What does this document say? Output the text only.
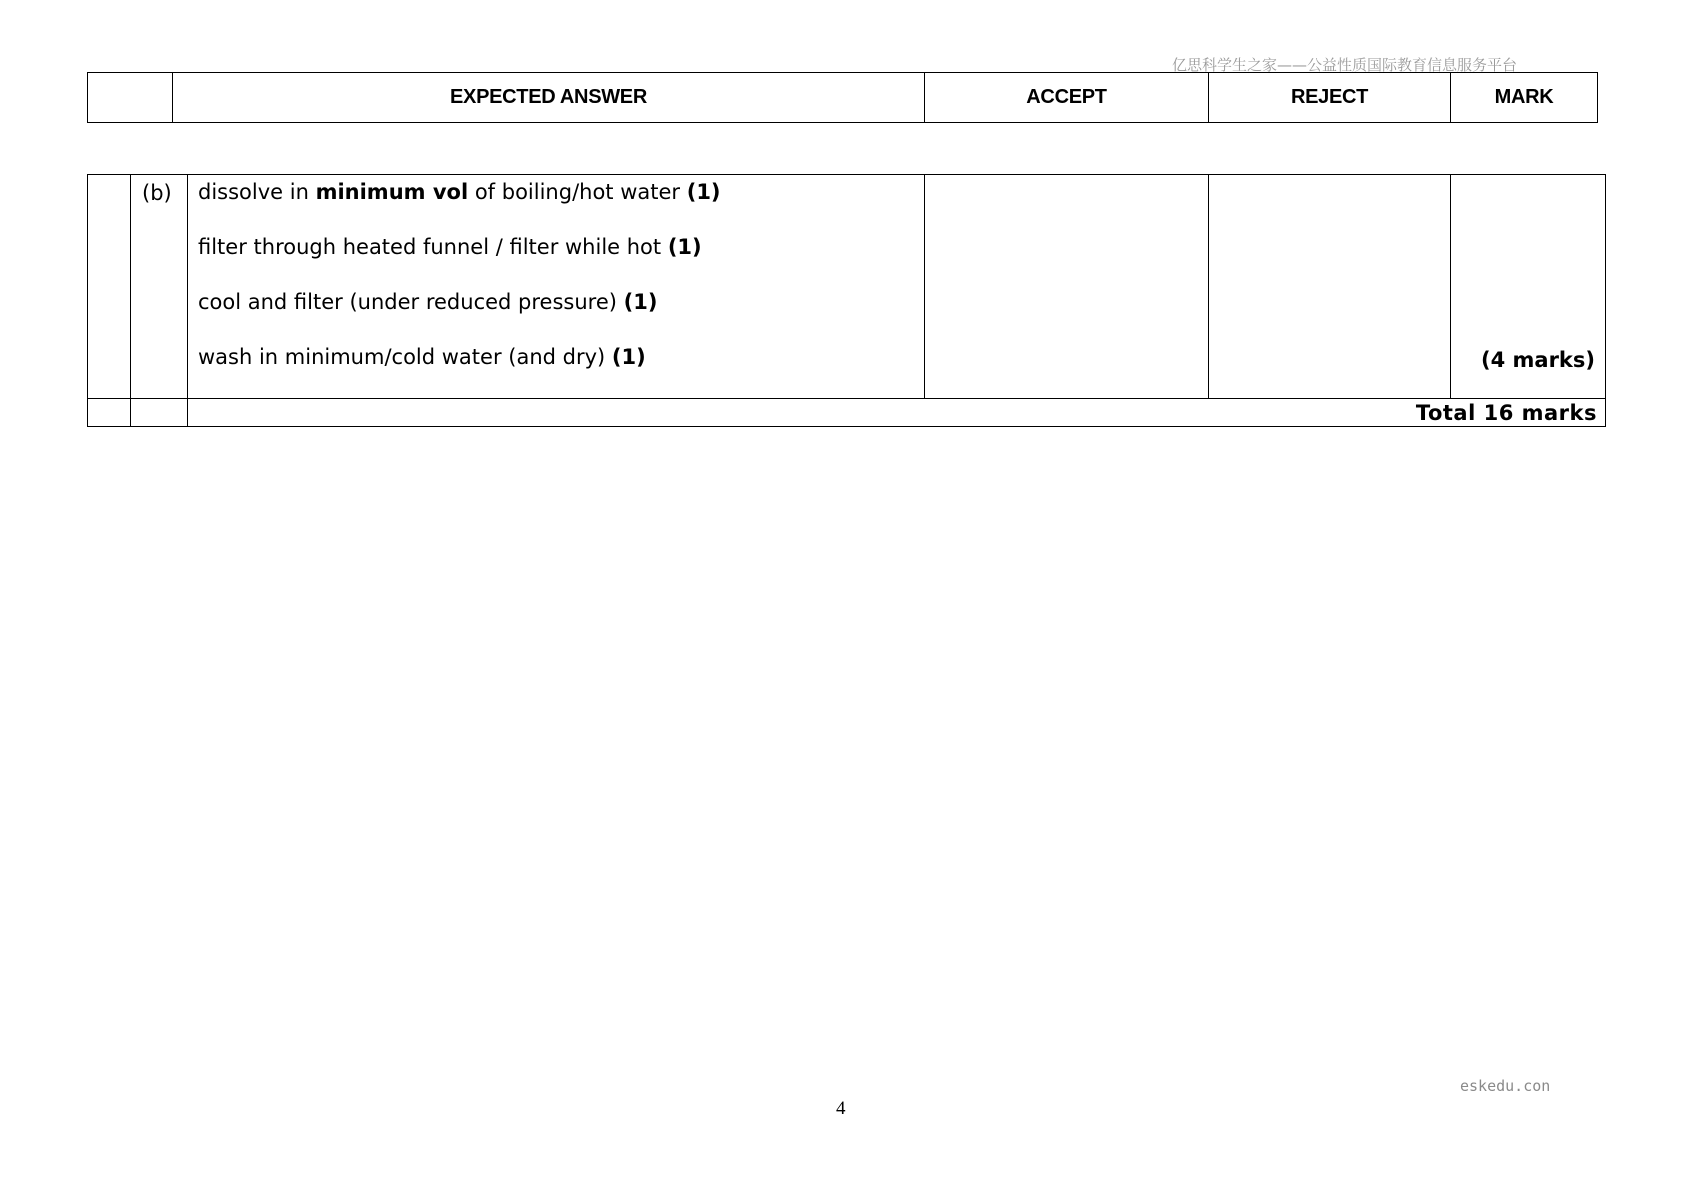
亿思科学生之家——公益性质国际教育信息服务平台
	EXPECTED ANSWER	ACCEPT	REJECT	MARK
	(b)	dissolve in minimum vol of boiling/hot water (1)
filter through heated funnel / filter while hot (1)
cool and filter (under reduced pressure) (1)
wash in minimum/cold water (and dry) (1)			(4 marks)
		Total 16 marks			
eskedu.con
4
